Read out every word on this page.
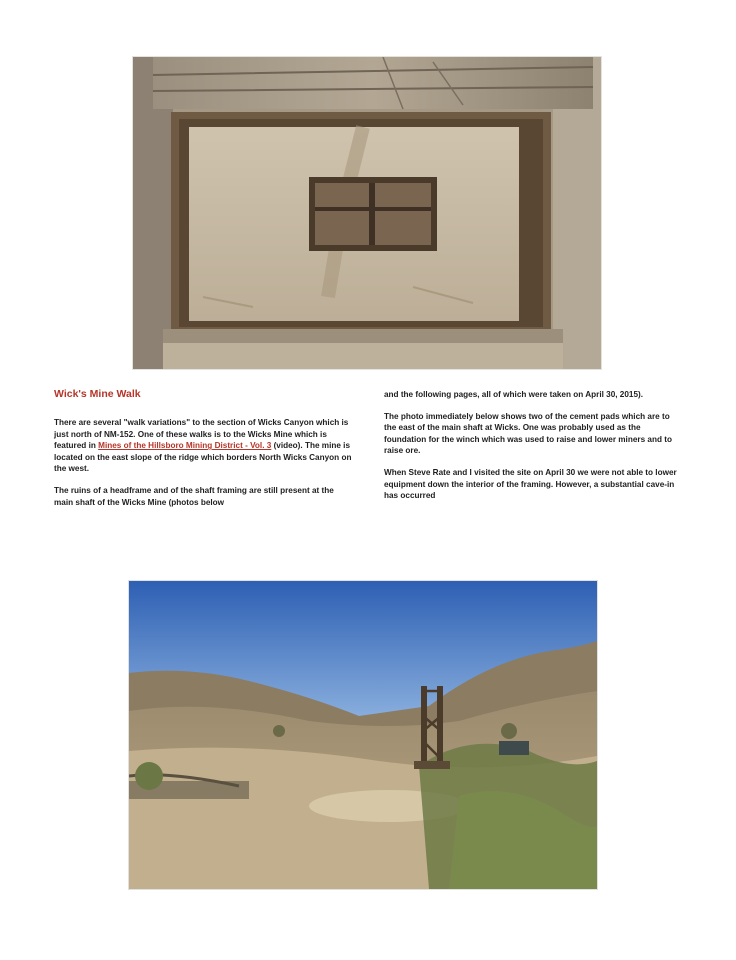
Wick's Mine Walk

There are several "walk variations" to the section of Wicks Canyon which is just north of NM-152. One of these walks is to the Wicks Mine which is featured in Mines of the Hillsboro Mining District - Vol. 3 (video). The mine is located on the east slope of the ridge which borders North Wicks Canyon on the west.

The ruins of a headframe and of the shaft framing are still present at the main shaft of the Wicks Mine (photos below

and the following pages, all of which were taken on April 30, 2015).

The photo immediately below shows two of the cement pads which are to the east of the main shaft at Wicks. One was probably used as the foundation for the winch which was used to raise and lower miners and to raise ore.

When Steve Rate and I visited the site on April 30 we were not able to lower equipment down the interior of the framing. However, a substantial cave-in has occurred
